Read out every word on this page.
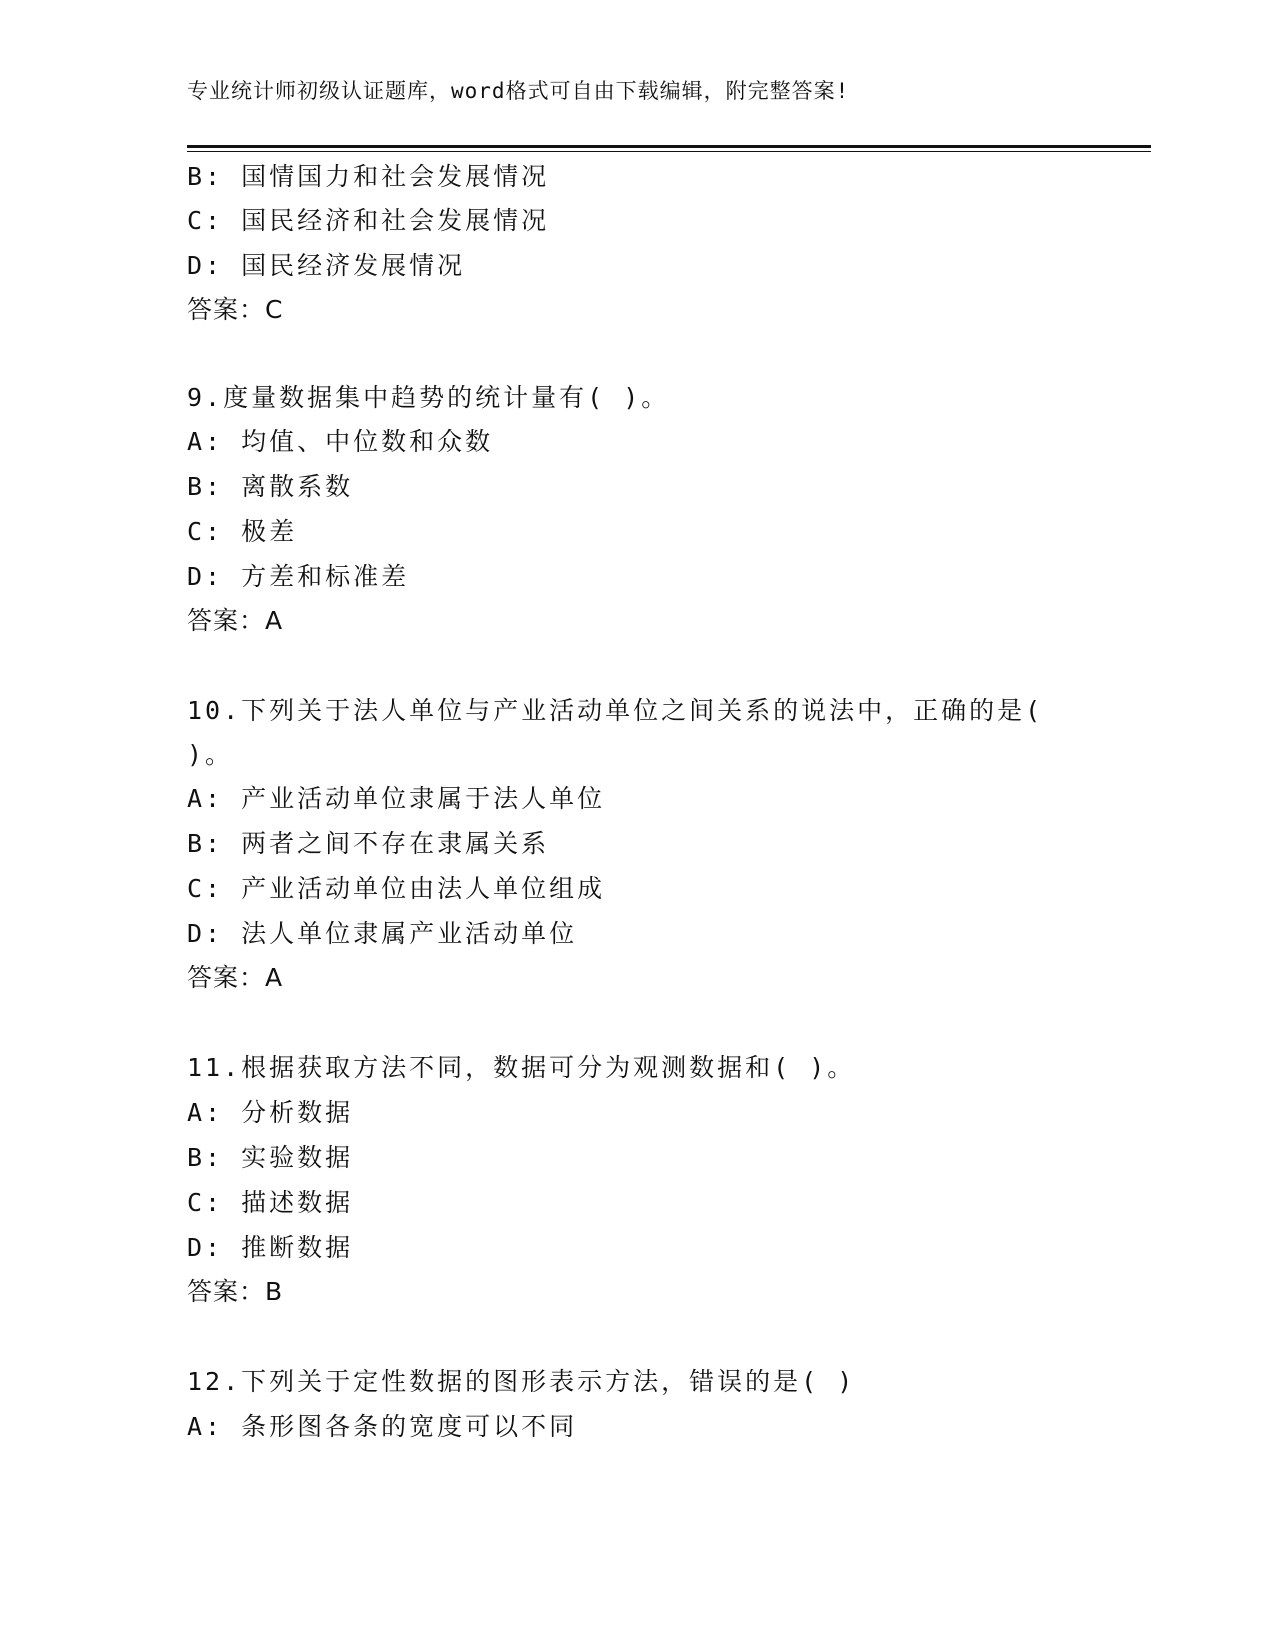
专业统计师初级认证题库，word格式可自由下载编辑，附完整答案!
B: 国情国力和社会发展情况
C: 国民经济和社会发展情况
D: 国民经济发展情况
答案：C
9.度量数据集中趋势的统计量有( )。
A: 均值、中位数和众数
B: 离散系数
C: 极差
D: 方差和标准差
答案：A
10.下列关于法人单位与产业活动单位之间关系的说法中，正确的是(
)。
A: 产业活动单位隶属于法人单位
B: 两者之间不存在隶属关系
C: 产业活动单位由法人单位组成
D: 法人单位隶属产业活动单位
答案：A
11.根据获取方法不同，数据可分为观测数据和( )。
A: 分析数据
B: 实验数据
C: 描述数据
D: 推断数据
答案：B
12.下列关于定性数据的图形表示方法，错误的是( )
A: 条形图各条的宽度可以不同
